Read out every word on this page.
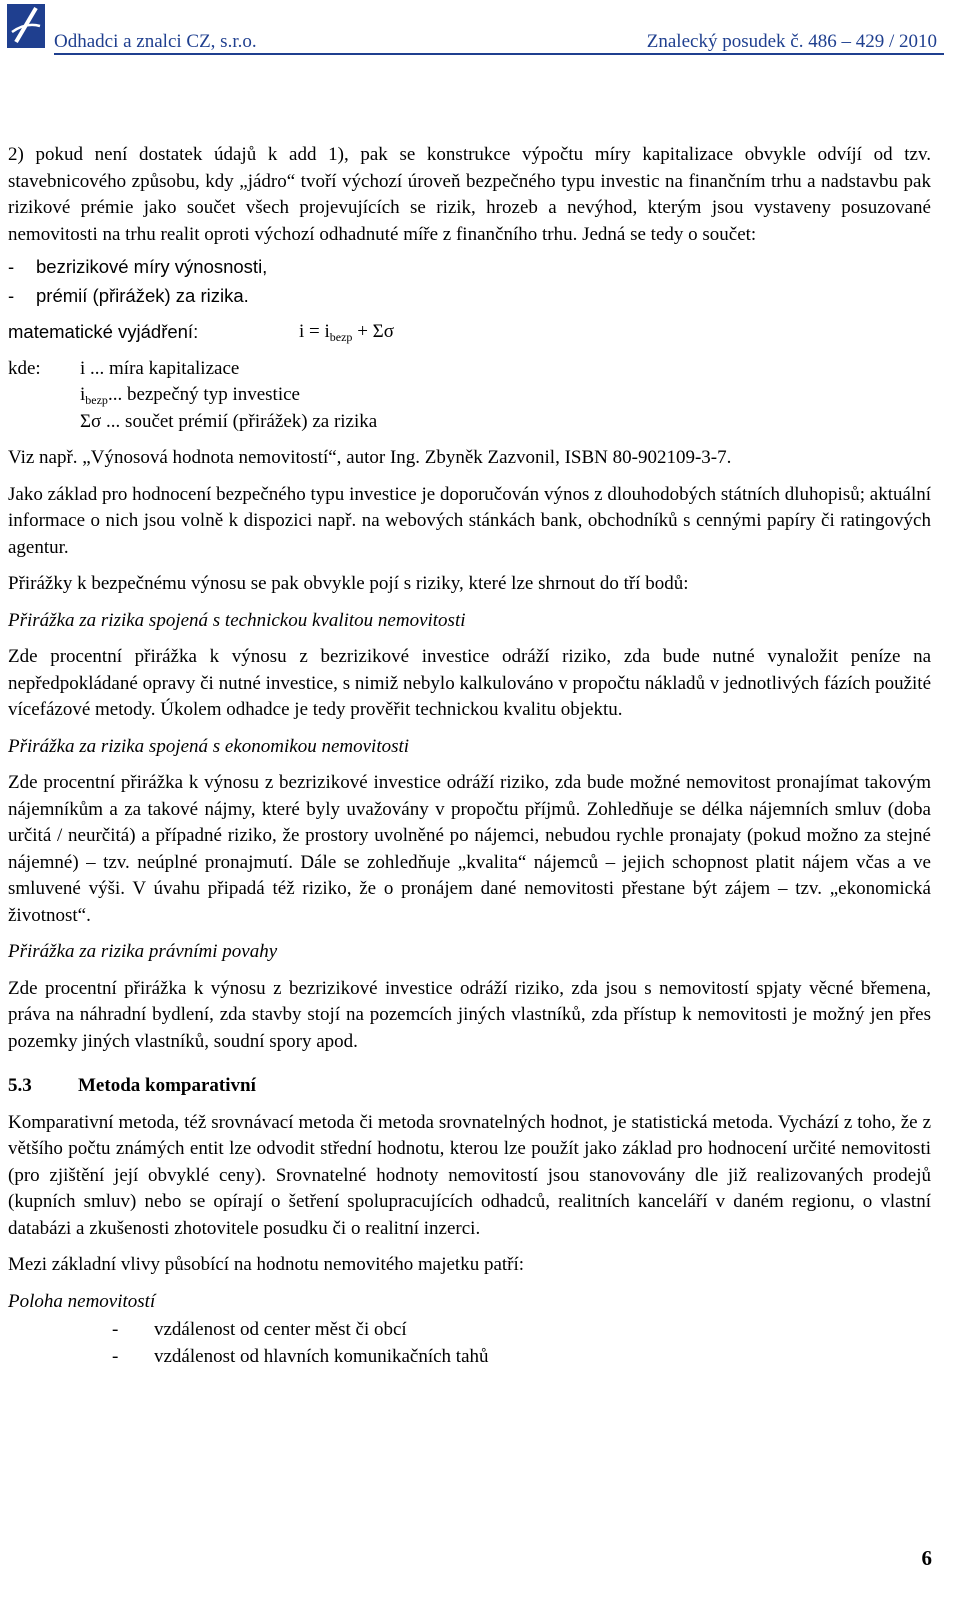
Odhadci a znalci CZ, s.r.o.	Znalecký posudek č. 486 – 429 / 2010

2) pokud není dostatek údajů k add 1), pak se konstrukce výpočtu míry kapitalizace obvykle odvíjí od tzv. stavebnicového způsobu, kdy „jádro“ tvoří výchozí úroveň bezpečného typu investic na finančním trhu a nadstavbu pak rizikové prémie jako součet všech projevujících se rizik, hrozeb a nevýhod, kterým jsou vystaveny posuzované nemovitosti na trhu realit oproti výchozí odhadnuté míře z finančního trhu. Jedná se tedy o součet:

-	bezrizikové míry výnosnosti,
-	prémií (přirážek) za rizika.
matematické vyjádření:	$i = i_{bezp} + \Sigma\sigma$
kde: i ... míra kapitalizace
$i_{bezp}$... bezpečný typ investice
Σσ ... součet prémií (přirážek) za rizika

Viz např. „Výnosová hodnota nemovitostí“, autor Ing. Zbyněk Zazvonil, ISBN 80-902109-3-7.

Jako základ pro hodnocení bezpečného typu investice je doporučován výnos z dlouhodobých státních dluhopisů; aktuální informace o nich jsou volně k dispozici např. na webových stánkách bank, obchodníků s cennými papíry či ratingových agentur.

Přirážky k bezpečnému výnosu se pak obvykle pojí s riziky, které lze shrnout do tří bodů:

Přirážka za rizika spojená s technickou kvalitou nemovitosti

Zde procentní přirážka k výnosu z bezrizikové investice odráží riziko, zda bude nutné vynaložit peníze na nepředpokládané opravy či nutné investice, s nimiž nebylo kalkulováno v propočtu nákladů v jednotlivých fázích použité vícefázové metody. Úkolem odhadce je tedy prověřit technickou kvalitu objektu.

Přirážka za rizika spojená s ekonomikou nemovitosti

Zde procentní přirážka k výnosu z bezrizikové investice odráží riziko, zda bude možné nemovitost pronajímat takovým nájemníkům a za takové nájmy, které byly uvažovány v propočtu příjmů. Zohledňuje se délka nájemních smluv (doba určitá / neurčitá) a případné riziko, že prostory uvolněné po nájemci, nebudou rychle pronajaty (pokud možno za stejné nájemné) – tzv. neúplné pronajmutí. Dále se zohledňuje „kvalita“ nájemců – jejich schopnost platit nájem včas a ve smluvené výši. V úvahu připadá též riziko, že o pronájem dané nemovitosti přestane být zájem – tzv. „ekonomická životnost“.

Přirážka za rizika právními povahy

Zde procentní přirážka k výnosu z bezrizikové investice odráží riziko, zda jsou s nemovitostí spjaty věcné břemena, práva na náhradní bydlení, zda stavby stojí na pozemcích jiných vlastníků, zda přístup k nemovitosti je možný jen přes pozemky jiných vlastníků, soudní spory apod.

5.3 Metoda komparativní

Komparativní metoda, též srovnávací metoda či metoda srovnatelných hodnot, je statistická metoda. Vychází z toho, že z většího počtu známých entit lze odvodit střední hodnotu, kterou lze použít jako základ pro hodnocení určité nemovitosti (pro zjištění její obvyklé ceny). Srovnatelné hodnoty nemovitostí jsou stanovovány dle již realizovaných prodejů (kupních smluv) nebo se opírají o šetření spolupracujících odhadců, realitních kanceláří v daném regionu, o vlastní databázi a zkušenosti zhotovitele posudku či o realitní inzerci.

Mezi základní vlivy působící na hodnotu nemovitého majetku patří:

Poloha nemovitostí

-	vzdálenost od center měst či obcí
-	vzdálenost od hlavních komunikačních tahů
6
